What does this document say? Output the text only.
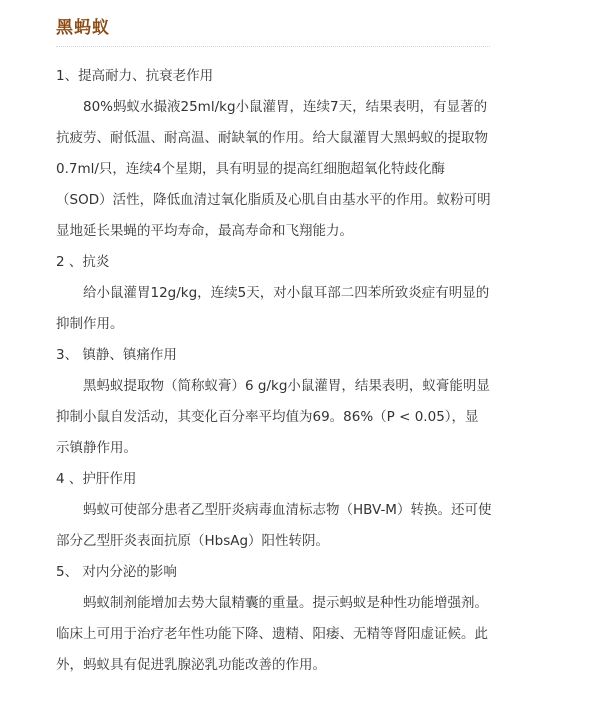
黑蚂蚁

1、提高耐力、抗衰老作用

80%蚂蚁水撮液25ml/kg小鼠灌胃，连续7天，结果表明，有显著的抗疲劳、耐低温、耐高温、耐缺氧的作用。给大鼠灌胃大黑蚂蚁的提取物0.7ml/只，连续4个星期，具有明显的提高红细胞超氧化特歧化酶（SOD）活性，降低血清过氧化脂质及心肌自由基水平的作用。蚁粉可明显地延长果蝇的平均寿命，最高寿命和飞翔能力。

2 、抗炎

给小鼠灌胃12g/kg，连续5天，对小鼠耳部二四苯所致炎症有明显的抑制作用。

3、 镇静、镇痛作用

黑蚂蚁提取物（简称蚁膏）6 g/kg小鼠灌胃，结果表明，蚁膏能明显抑制小鼠自发活动，其变化百分率平均值为69。86%（P < 0.05），显示镇静作用。

4 、护肝作用

蚂蚁可使部分患者乙型肝炎病毒血清标志物（HBV-M）转换。还可使部分乙型肝炎表面抗原（HbsAg）阳性转阴。

5、 对内分泌的影响

蚂蚁制剂能增加去势大鼠精囊的重量。提示蚂蚁是种性功能增强剂。临床上可用于治疗老年性功能下降、遗精、阳痿、无精等肾阳虚证候。此外，蚂蚁具有促进乳腺泌乳功能改善的作用。
